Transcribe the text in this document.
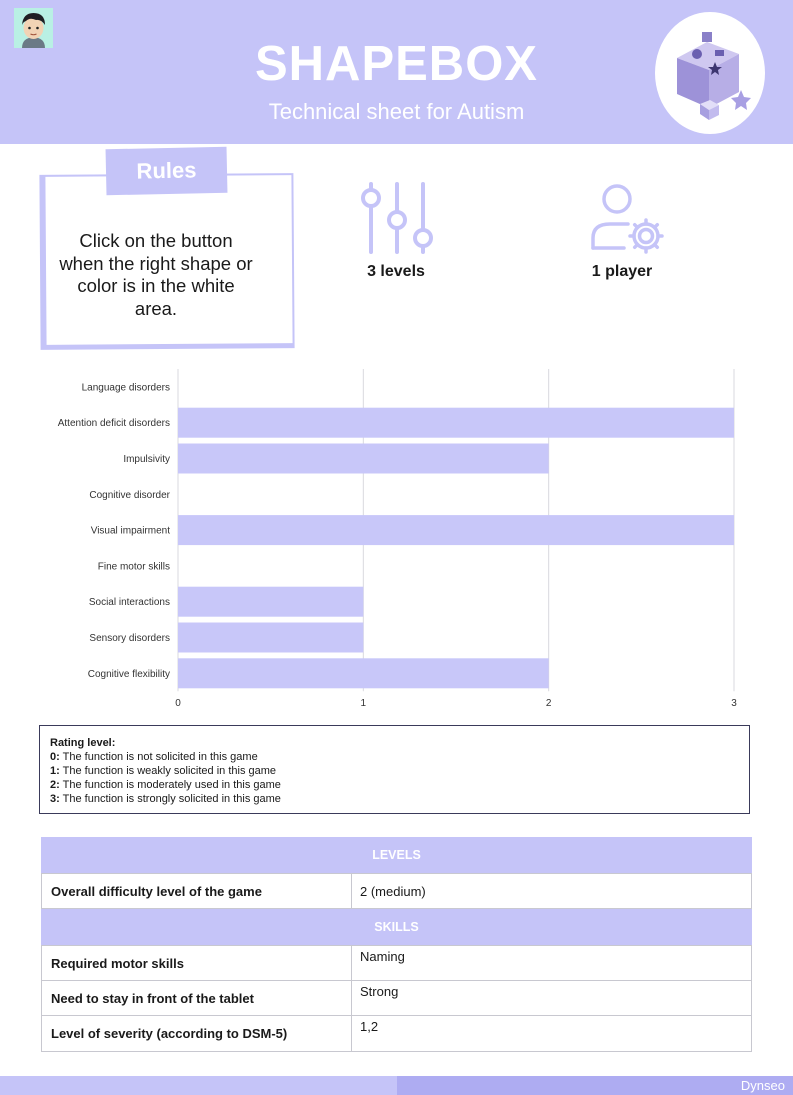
SHAPEBOX
Technical sheet for Autism
Rules
Click on the button when the right shape or color is in the white area.
3 levels	1 player
Language disorders
Attention deficit disorders
Impulsivity
Cognitive disorder
Visual impairment
Fine motor skills
Social interactions
Sensory disorders
Cognitive flexibility
0	1	2	3
Rating level:
0: The function is not solicited in this game
1: The function is weakly solicited in this game
2: The function is moderately used in this game
3: The function is strongly solicited in this game
LEVELS
Overall difficulty level of the game	2 (medium)
SKILLS
Required motor skills	Naming
Need to stay in front of the tablet	Strong
Level of severity (according to DSM-5)	1,2
Dynseo
